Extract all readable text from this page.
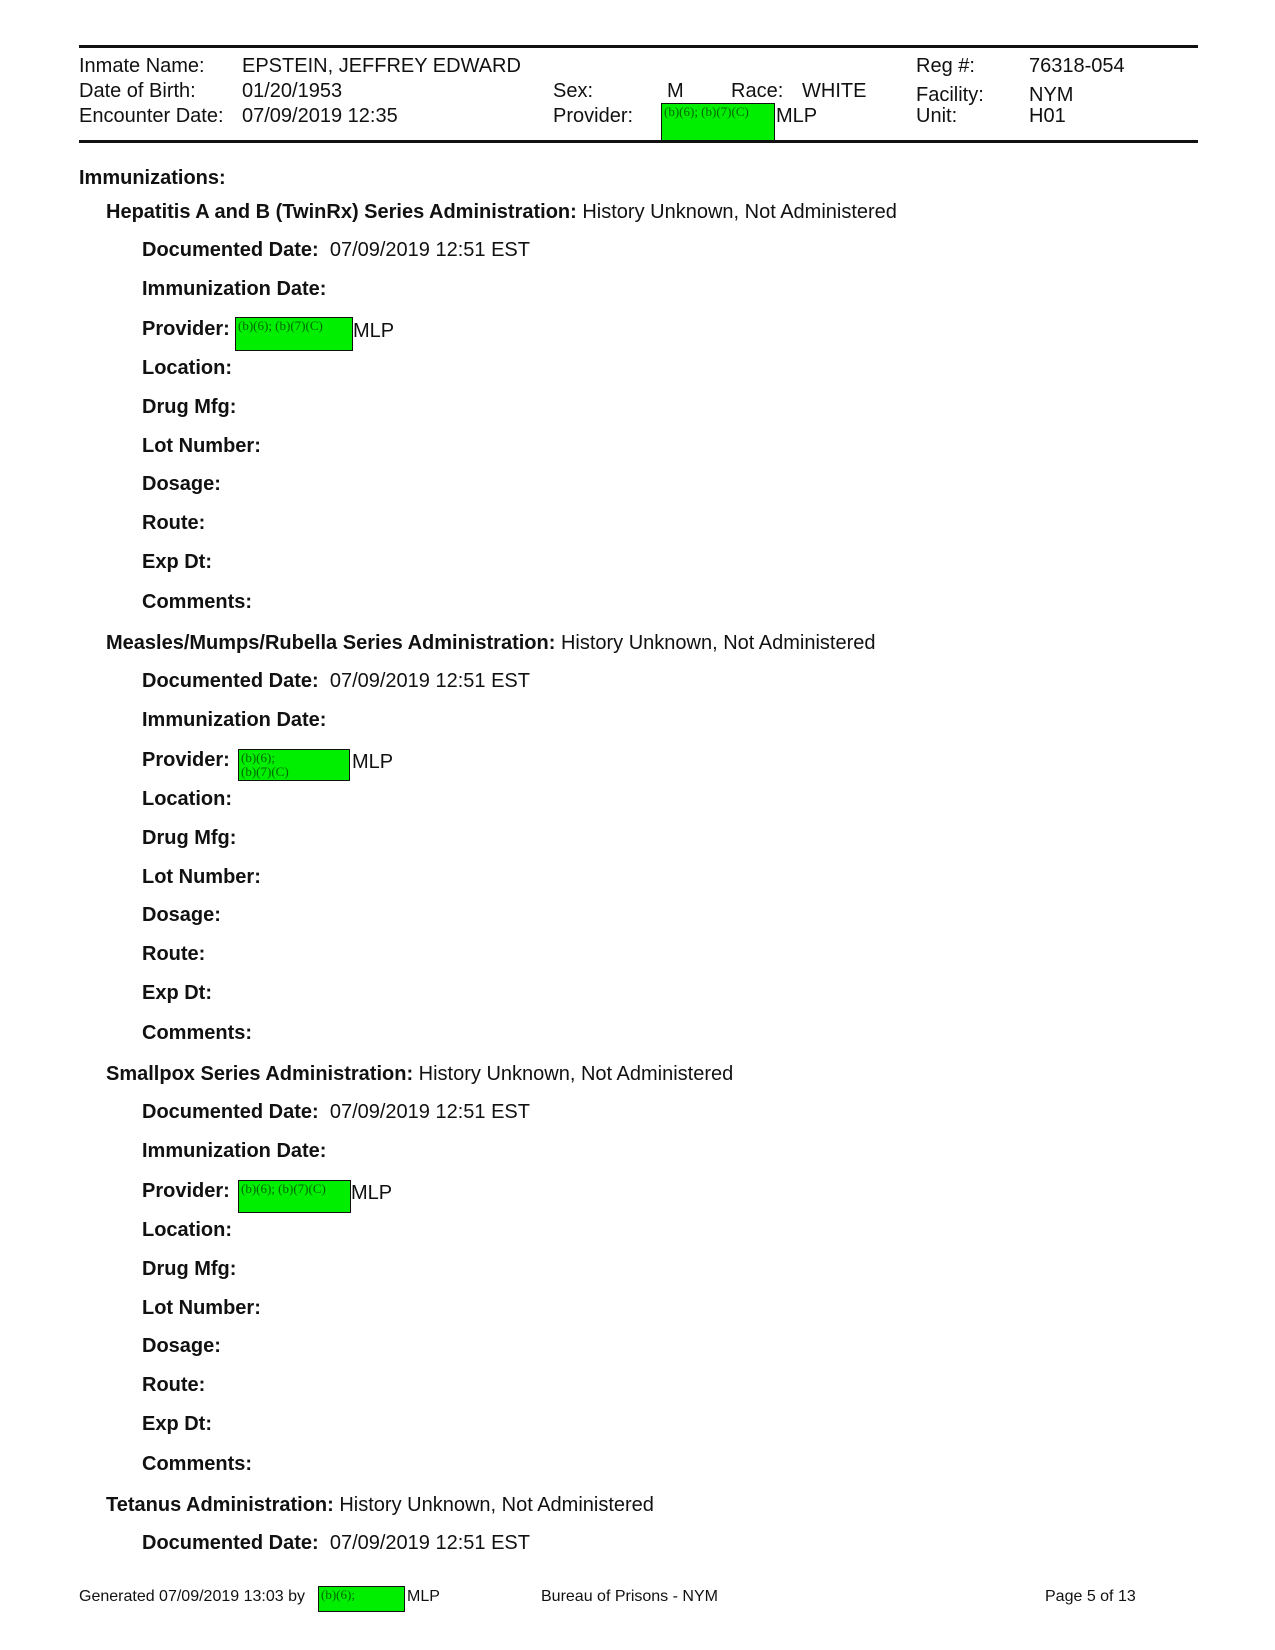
Inmate Name: EPSTEIN, JEFFREY EDWARD
Date of Birth: 01/20/1953
Encounter Date: 07/09/2019 12:35
Sex:	M Race: WHITE
Provider: (b)(6); (b)(7)(C)	MLP
Reg #:	76318-054
Facility: NYM
Unit:	H01
Immunizations:
Hepatitis A and B (TwinRx) Series Administration: History Unknown, Not Administered
Documented Date: 07/09/2019 12:51 EST
Immunization Date:
Provider: (b)(6); (b)(7)(C)	MLP
Location:
Drug Mfg:
Lot Number:
Dosage:
Route:
Exp Dt:
Comments:
Measles/Mumps/Rubella Series Administration: History Unknown, Not Administered
Documented Date: 07/09/2019 12:51 EST
Immunization Date:
Provider: (b)(6);
(b)(7)(C)	MLP
Location:
Drug Mfg:
Lot Number:
Dosage:
Route:
Exp Dt:
Comments:
Smallpox Series Administration: History Unknown, Not Administered
Documented Date: 07/09/2019 12:51 EST
Immunization Date:
Provider: (b)(6); (b)(7)(C)	MLP
Location:
Drug Mfg:
Lot Number:
Dosage:
Route:
Exp Dt:
Comments:
Tetanus Administration: History Unknown, Not Administered
Documented Date: 07/09/2019 12:51 EST
Generated 07/09/2019 13:03 by (b)(6);	MLP	Bureau of Prisons - NYM	Page 5 of 13
